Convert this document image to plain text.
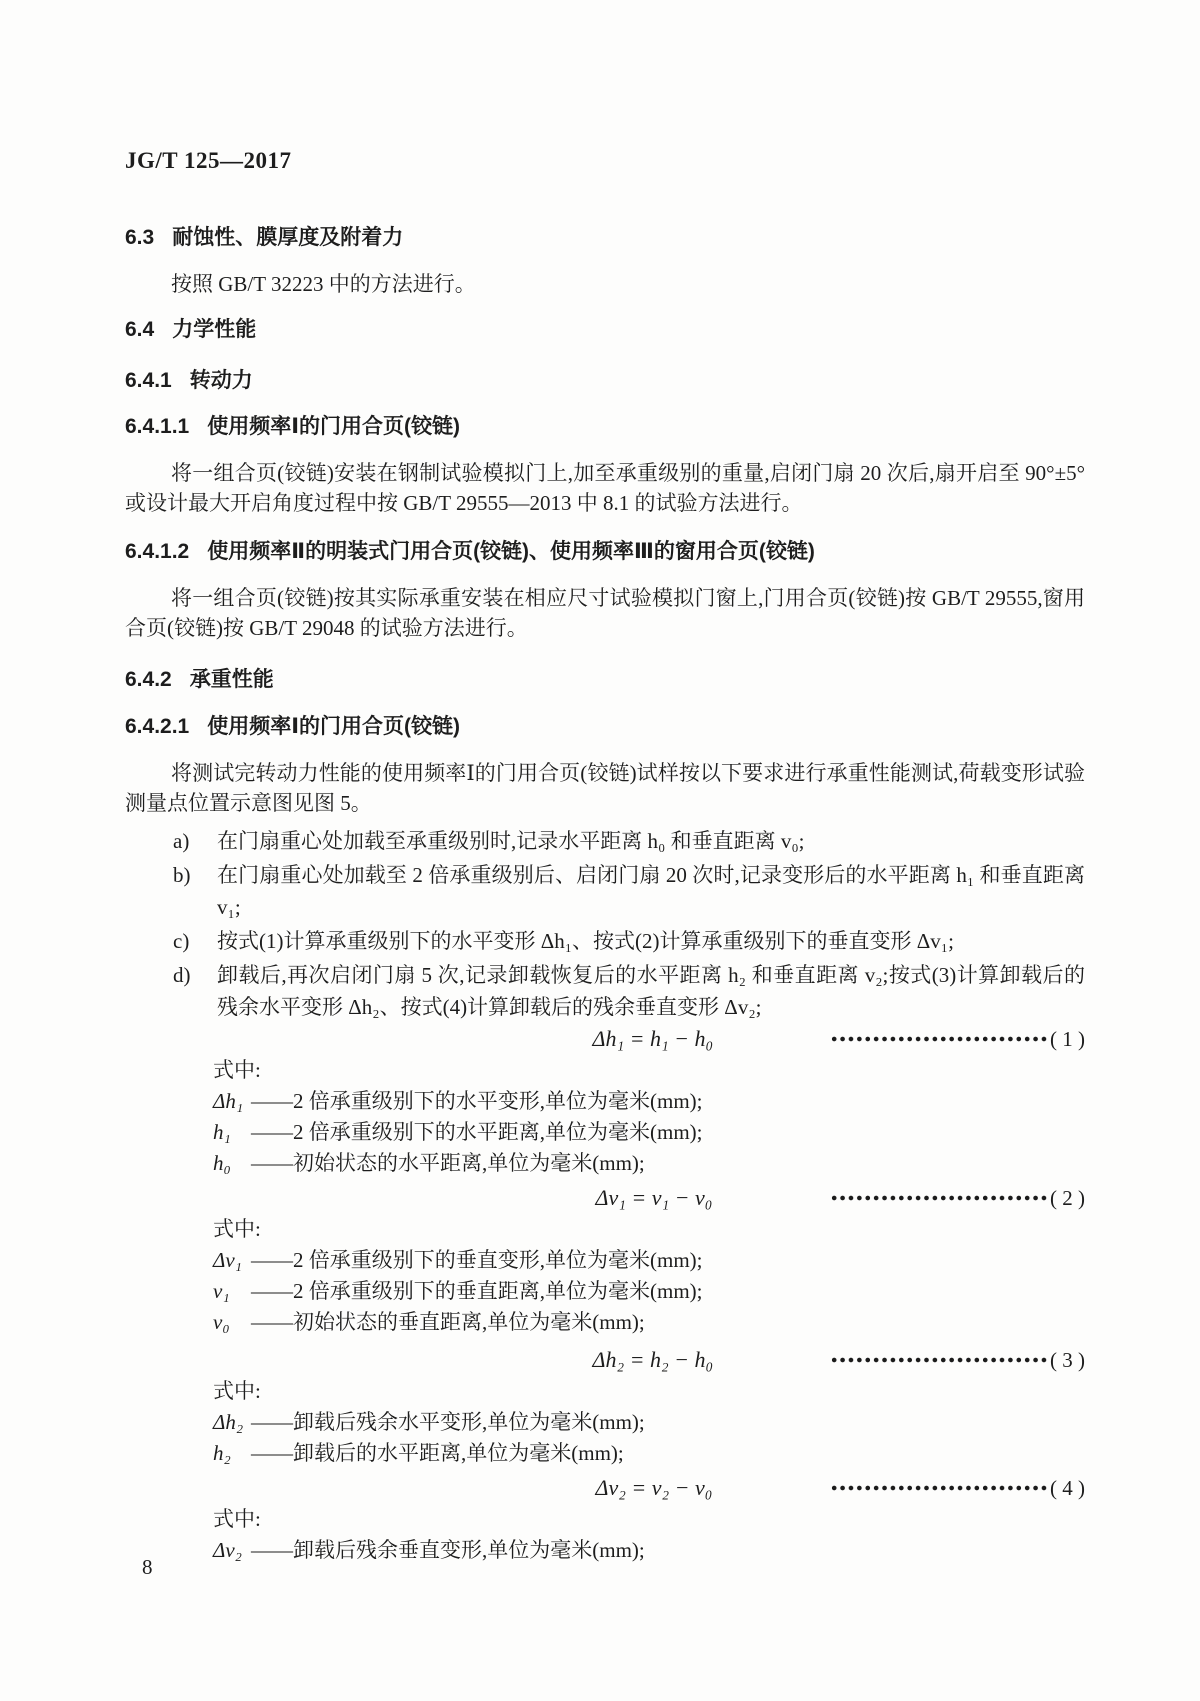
JG/T 125—2017
6.3 耐蚀性、膜厚度及附着力

按照 GB/T 32223 中的方法进行。

6.4 力学性能
6.4.1 转动力
6.4.1.1 使用频率Ⅰ的门用合页(铰链)

将一组合页(铰链)安装在钢制试验模拟门上,加至承重级别的重量,启闭门扇 20 次后,扇开启至 90°±5°或设计最大开启角度过程中按 GB/T 29555—2013 中 8.1 的试验方法进行。

6.4.1.2 使用频率Ⅱ的明装式门用合页(铰链)、使用频率Ⅲ的窗用合页(铰链)

将一组合页(铰链)按其实际承重安装在相应尺寸试验模拟门窗上,门用合页(铰链)按 GB/T 29555,窗用合页(铰链)按 GB/T 29048 的试验方法进行。

6.4.2 承重性能
6.4.2.1 使用频率Ⅰ的门用合页(铰链)

将测试完转动力性能的使用频率Ⅰ的门用合页(铰链)试样按以下要求进行承重性能测试,荷载变形试验测量点位置示意图见图 5。

a)	在门扇重心处加载至承重级别时,记录水平距离 h₀ 和垂直距离 v₀;
b)	在门扇重心处加载至 2 倍承重级别后、启闭门扇 20 次时,记录变形后的水平距离 h₁ 和垂直距离 v₁;
c)	按式(1)计算承重级别下的水平变形 Δh₁、按式(2)计算承重级别下的垂直变形 Δv₁;
d)	卸载后,再次启闭门扇 5 次,记录卸载恢复后的水平距离 h₂ 和垂直距离 v₂;按式(3)计算卸载后的残余水平变形 Δh₂、按式(4)计算卸载后的残余垂直变形 Δv₂;
Δh₁ = h₁ − h₀	( 1 )
式中:
Δh₁ ——2 倍承重级别下的水平变形,单位为毫米(mm);
h₁ ——2 倍承重级别下的水平距离,单位为毫米(mm);
h₀ ——初始状态的水平距离,单位为毫米(mm);
Δv₁ = v₁ − v₀	( 2 )
式中:
Δv₁ ——2 倍承重级别下的垂直变形,单位为毫米(mm);
v₁	——2 倍承重级别下的垂直距离,单位为毫米(mm);
v₀	——初始状态的垂直距离,单位为毫米(mm);
Δh₂ = h₂ − h₀	( 3 )
式中:
Δh₂ ——卸载后残余水平变形,单位为毫米(mm);
h₂ ——卸载后的水平距离,单位为毫米(mm);
Δv₂ = v₂ − v₀	( 4 )
式中:
Δv₂ ——卸载后残余垂直变形,单位为毫米(mm);
8
